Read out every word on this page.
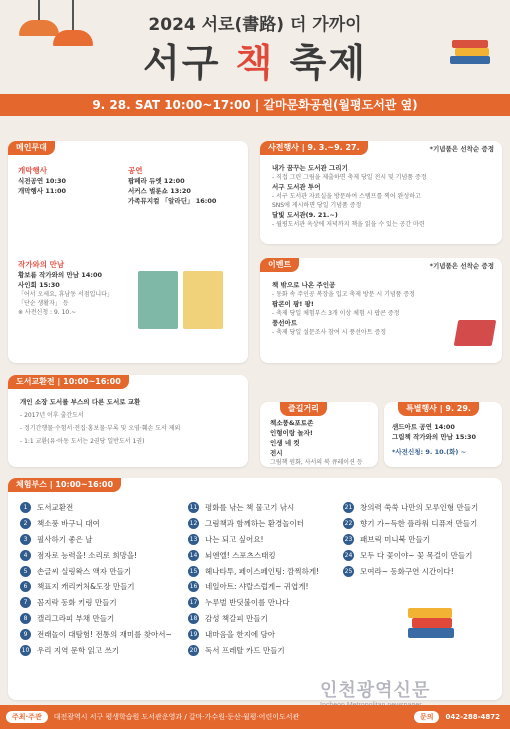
2024 서로(書路) 더 가까이
서구 책 축제
9. 28. SAT 10:00~17:00 | 갈마문화공원(월평도서관 옆)
메인무대
개막행사
식전공연 10:30
개막행사 11:00
공연
팝페라 듀엣 12:00
서커스 벌룬쇼 13:20
가족뮤지컬 「알라딘」 16:00
작가와의 만남
황보름 작가와의 만남 14:00
사인회 15:30
「어서 오세요, 휴남동 서점입니다」
「단순 생활자」 등
※ 사전신청 : 9. 10.~
사전행사 | 9. 3.~9. 27.	*기념품은 선착순 증정
내가 꿈꾸는 도서관 그리기
- 직접 그린 그림을 제출하면 축제 당일 전시 및 기념품 증정
서구 도서관 투어
- 서구 도서관 자료실을 방문하여 스탬프를 찍어 완성하고
SNS에 게시하면 당일 기념품 증정
달빛 도서관(9. 21.~)
- 월평도서관 옥상에 저녁까지 책을 읽을 수 있는 공간 마련
이벤트	*기념품은 선착순 증정
책 밖으로 나온 주인공
- 동화 속 주인공 복장을 입고 축제 방문 시 기념품 증정
팝콘이 팡! 팡!
- 축제 당일 체험부스 3개 이상 체험 시 팝콘 증정
풍선아트
- 축제 당일 설문조사 참여 시 풍선아트 증정
도서교환전 | 10:00~16:00
개인 소장 도서를 부스의 다른 도서로 교환
- 2017년 이후 출간도서
- 정기간행물·수험서·전집·홍보물·부록 및 오염·훼손 도서 제외
- 1:1 교환(유·아동 도서는 2권당 일반도서 1권)
즐길거리
책소풍&포토존
인형이랑 놀자!
인생 네 컷
전시
그림책 원화, 사서의 북 큐레이션 등
특별행사 | 9. 29.
샌드아트 공연 14:00
그림책 작가와의 만남 15:30
*사전신청: 9. 10.(화) ~
체험부스 | 10:00~16:00
1	도서교환전
2	책소풍 바구니 대여
3	필사하기 좋은 날
4	점자로 능력을! 소리로 희망을!
5	손글씨 실링왁스 액자 만들기
6	책표지 캐리커처&도장 만들기
7	꼼지락 동화 키링 만들기
8	캘리그라피 부채 만들기
9	전래놀이 대탐험! 전통의 재미를 찾아서~
10 우리 지역 문학 읽고 쓰기
11 평화를 낚는 책 물고기 낚시
12 그림책과 함께하는 환경놀이터
13 나는 되고 싶어요!
14 뇌엔엘! 스포츠스태킹
15 헤나타투, 페이스페인팅: 깜찍하게!
16 네일아트: 샤랄스럽게~ 귀엽게!
17 누루벌 반딧불이를 만나다
18 감성 책갈피 만들기
19 내마음을 한지에 담아
20 독서 프레탈 카드 만들기
21 창의력 쑥쑥 나만의 모루인형 만들기
22 향기 가~득한 플라워 디퓨저 만들기
23 패브릭 미니북 만들기
24 모두 다 꽃이야~ 꽃 목걸이 만들기
25 모여라~ 동화구연 시간이다!
인천광역신문
주최·주관	대전광역시 서구 평생학습원 도서관운영과 / 갈마·가수원·둔산·월평·어린이도서관	문의	042-288-4872
